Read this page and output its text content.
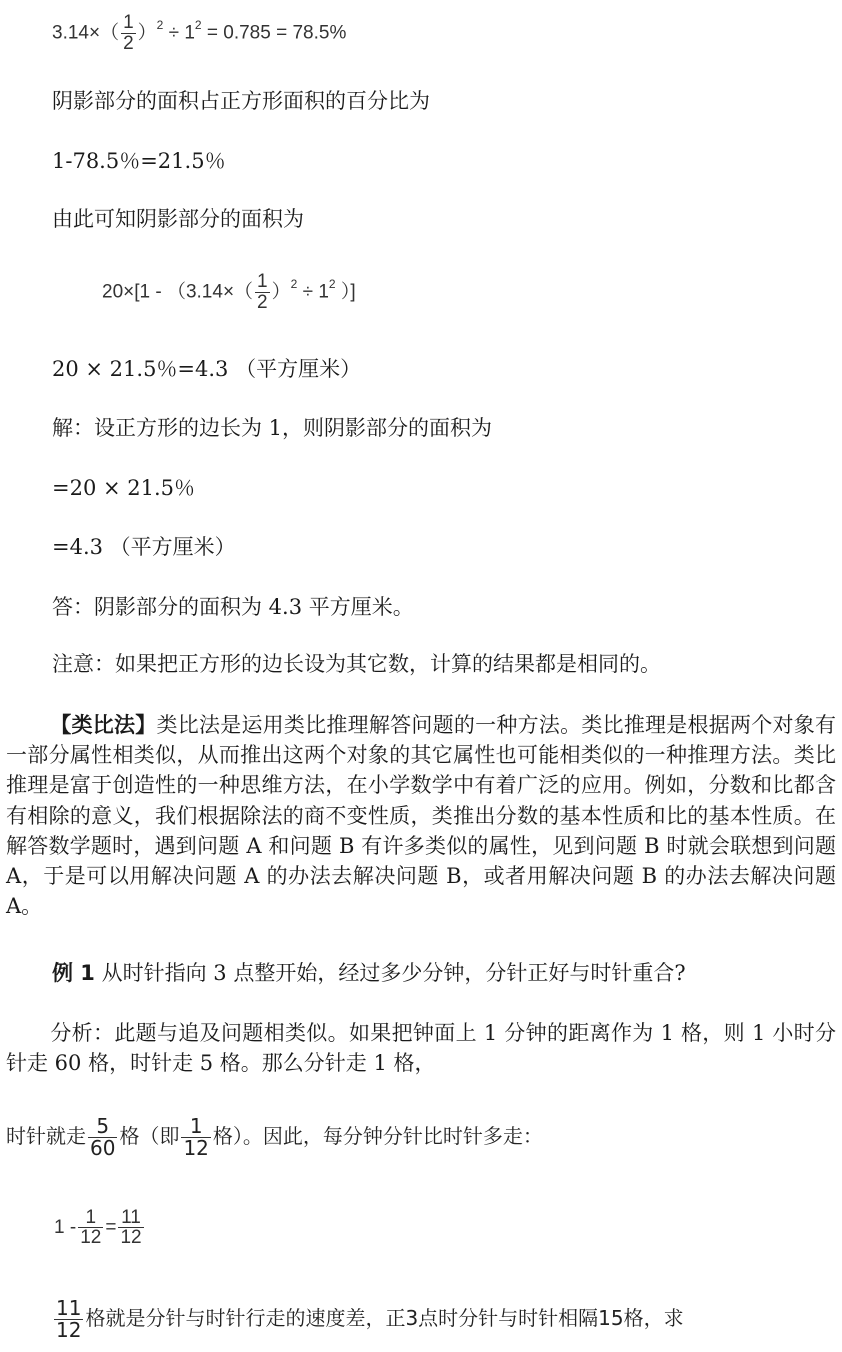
$3.14\times( \frac{1}{2} )^2 \div 1^2 = 0.785 = 78.5\%$
阴影部分的面积占正方形面积的百分比为
1-78.5％=21.5％
由此可知阴影部分的面积为
$20\times[1 - (3.14\times( \frac{1}{2} )^2 \div 1^2$ ）]
20 × 21.5％=4.3 （平方厘米）
解：设正方形的边长为 1，则阴影部分的面积为
=20 × 21.5％
=4.3 （平方厘米）
答：阴影部分的面积为 4.3 平方厘米。
注意：如果把正方形的边长设为其它数，计算的结果都是相同的。
【类比法】类比法是运用类比推理解答问题的一种方法。类比推理是根据两个对象有一部分属性相类似，从而推出这两个对象的其它属性也可能相类似的一种推理方法。类比推理是富于创造性的一种思维方法，在小学数学中有着广泛的应用。例如，分数和比都含有相除的意义，我们根据除法的商不变性质，类推出分数的基本性质和比的基本性质。在解答数学题时，遇到问题 A 和问题 B 有许多类似的属性，见到问题 B 时就会联想到问题 A，于是可以用解决问题 A 的办法去解决问题 B，或者用解决问题 B 的办法去解决问题 A。
例 1 从时针指向 3 点整开始，经过多少分钟，分针正好与时针重合?
分析：此题与追及问题相类似。如果把钟面上 1 分钟的距离作为 1 格，则 1 小时分针走 60 格，时针走 5 格。那么分针走 1 格，
时针就走 $\frac{5}{60}$ 格（即 $\frac{1}{12}$ 格）。因此，每分钟分针比时针多走：
$1 - \frac{1}{12} = \frac{11}{12}$
$\frac{11}{12}$ 格就是分针与时针行走的速度差，正3点时分针与时针相隔15格，求
